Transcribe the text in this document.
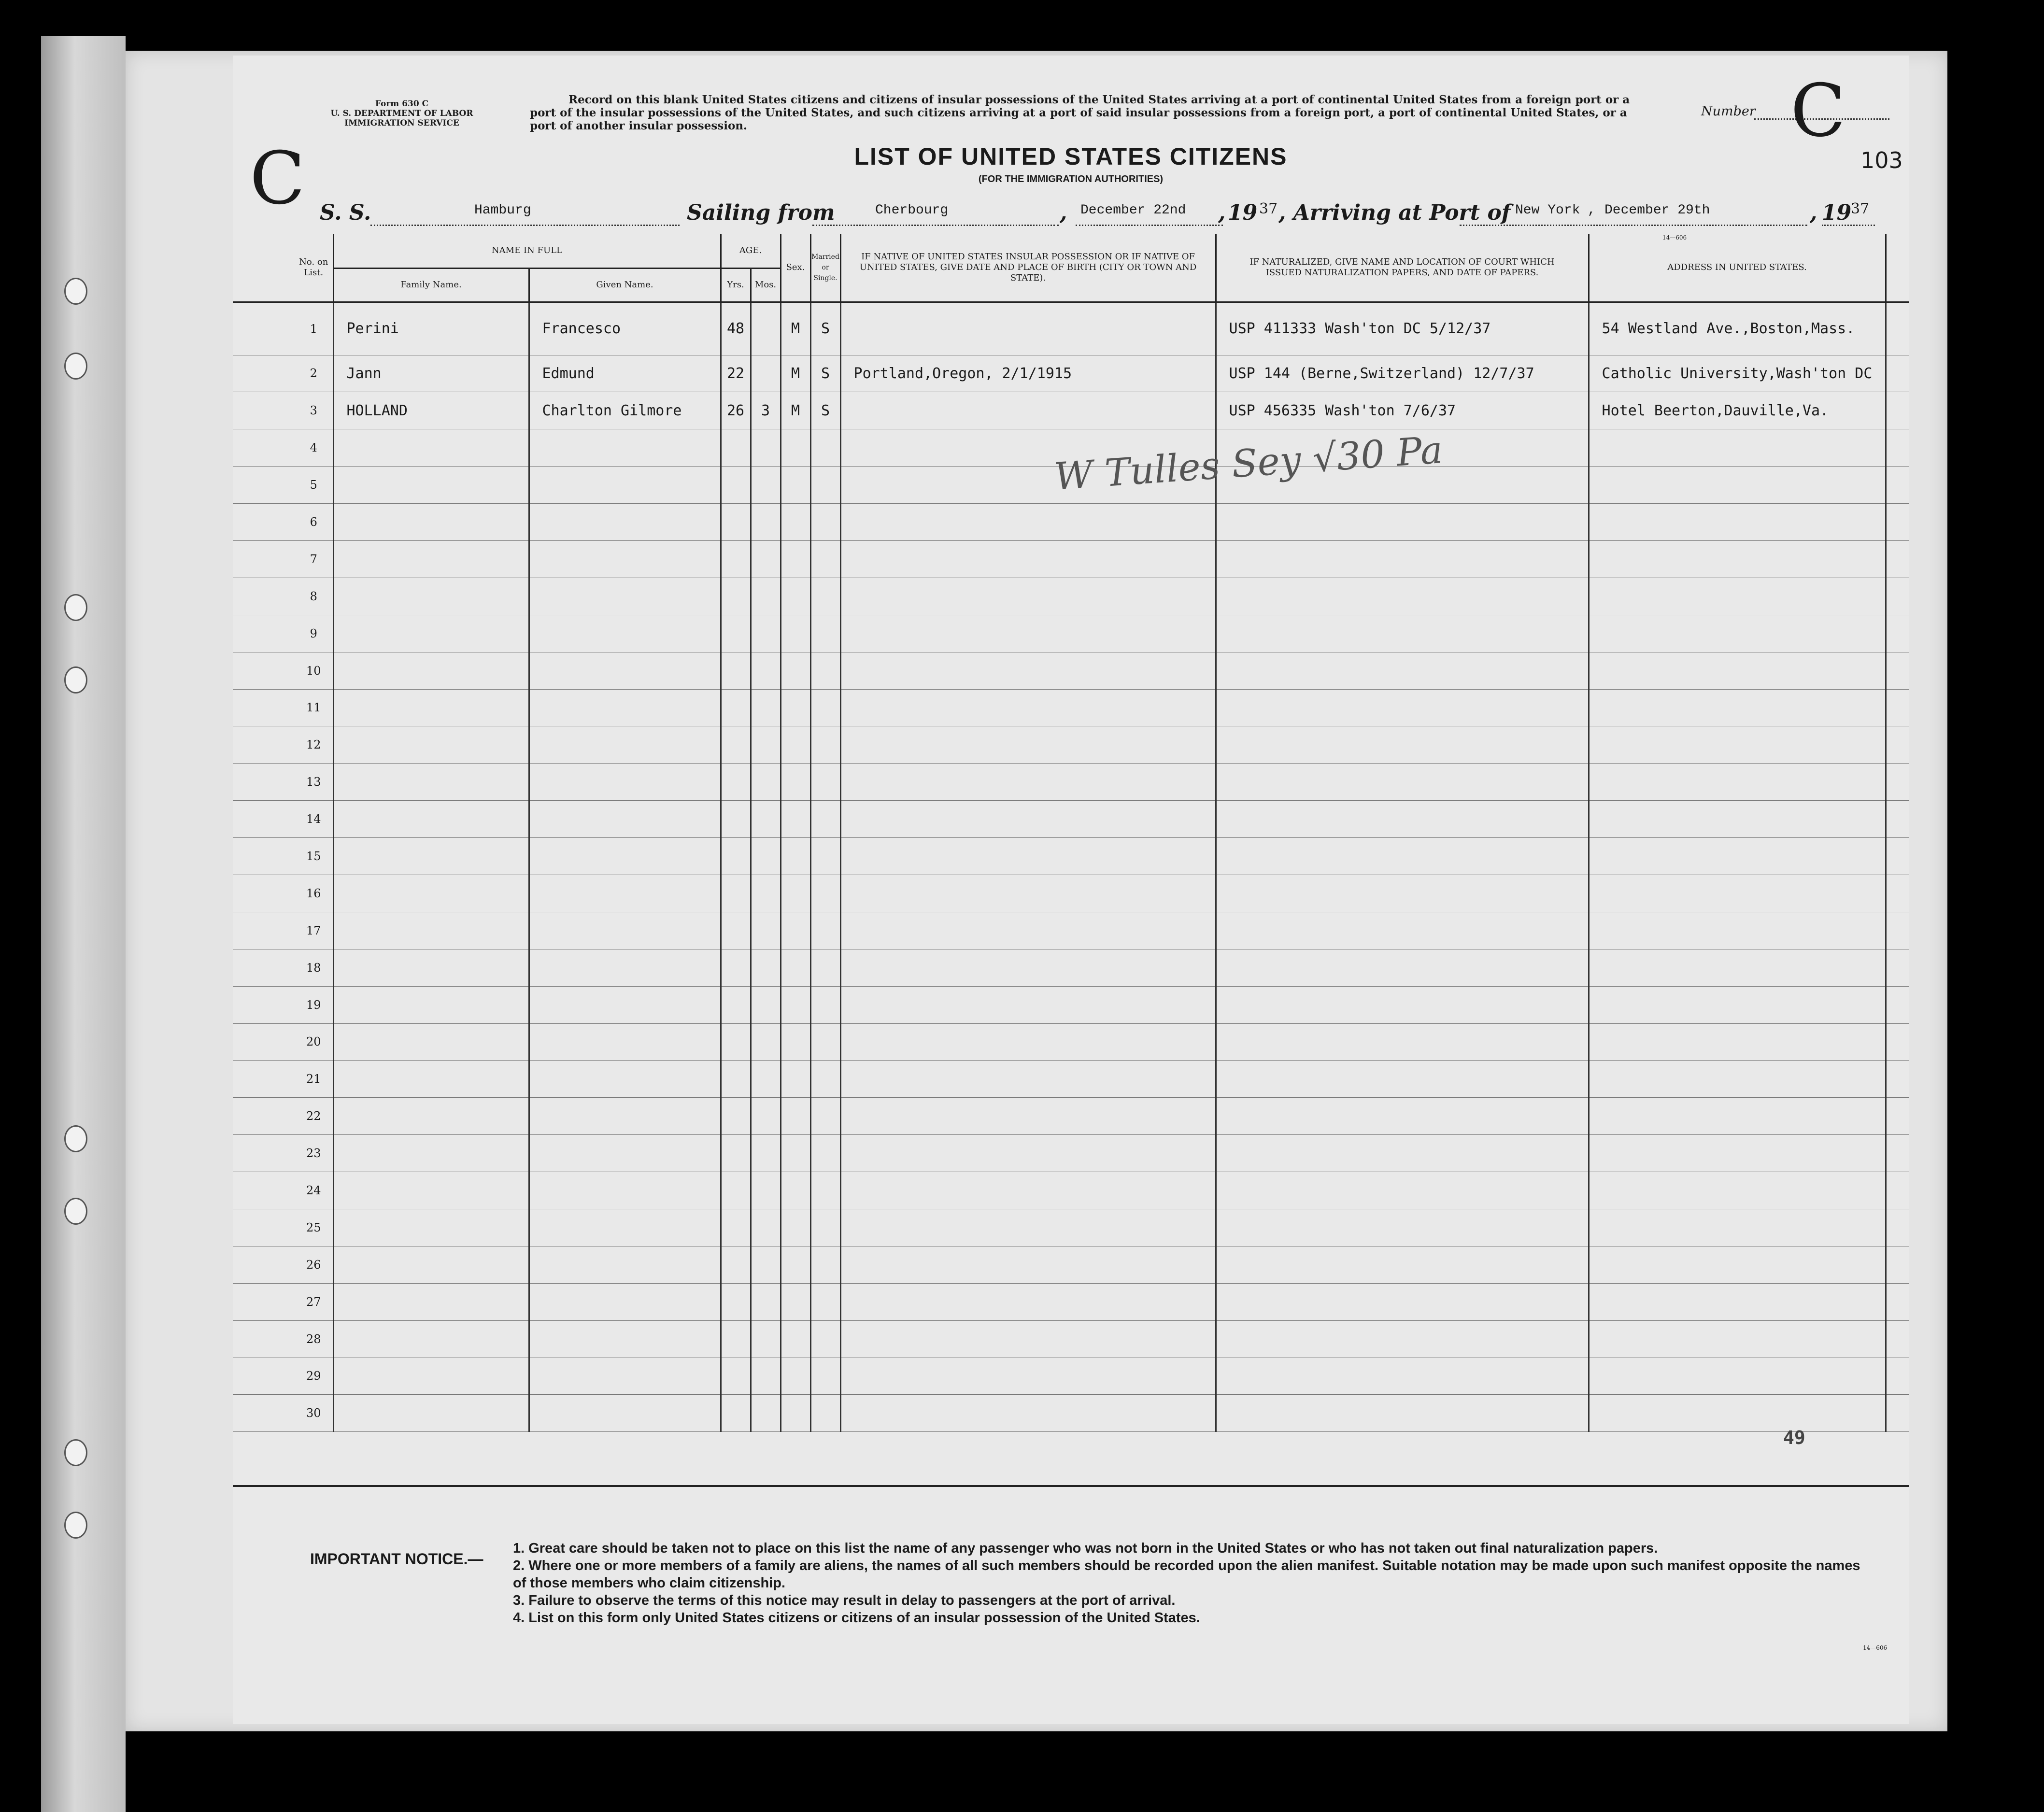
Form 630 C
U. S. DEPARTMENT OF LABOR
IMMIGRATION SERVICE
Record on this blank United States citizens and citizens of insular possessions of the United States arriving at a port of continental United States from a foreign port or a port of the insular possessions of the United States, and such citizens arriving at a port of said insular possessions from a foreign port, a port of continental United States, or a port of another insular possession.
Number C
103
C	LIST OF UNITED STATES CITIZENS
(FOR THE IMMIGRATION AUTHORITIES)
S. S.	Hamburg	Sailing from	Cherbourg	, December 22nd , 19 37 , Arriving at Port of New York , December 29th	, 19
37
14—606
	No. on List.	NAME IN FULL		AGE.		Sex.	Married or Single.	IF NATIVE OF UNITED STATES INSULAR POSSESSION OR IF NATIVE OF UNITED STATES, GIVE DATE AND PLACE OF BIRTH (CITY OR TOWN AND STATE).	IF NATURALIZED, GIVE NAME AND LOCATION OF COURT WHICH ISSUED NATURALIZATION PAPERS, AND DATE OF PAPERS.	ADDRESS IN UNITED STATES.	
		Family Name.	Given Name.	Yrs.	Mos.						
	1	Perini	Francesco	48		M	S		USP 411333 Wash'ton DC 5/12/37	54 Westland Ave.,Boston,Mass.	
	2	Jann	Edmund	22		M	S	Portland,Oregon, 2/1/1915	USP 144 (Berne,Switzerland) 12/7/37	Catholic University,Wash'ton DC	
	3	HOLLAND	Charlton Gilmore	26	3	M	S		USP 456335 Wash'ton 7/6/37	Hotel Beerton,Dauville,Va.	
	4										
	5										
	6										
	7										
	8										
	9										
	10										
	11										
	12										
	13										
	14										
	15										
	16										
	17										
	18										
	19										
	20										
	21										
	22										
	23										
	24										
	25										
	26										
	27										
	28										
	29										
	30										
W Tulles Sey √30 Pa
49
IMPORTANT NOTICE.—
1. Great care should be taken not to place on this list the name of any passenger who was not born in the United States or who has not taken out final naturalization papers.
2. Where one or more members of a family are aliens, the names of all such members should be recorded upon the alien manifest. Suitable notation may be made upon such manifest opposite the names of those members who claim citizenship.
3. Failure to observe the terms of this notice may result in delay to passengers at the port of arrival.
4. List on this form only United States citizens or citizens of an insular possession of the United States.
14—606
